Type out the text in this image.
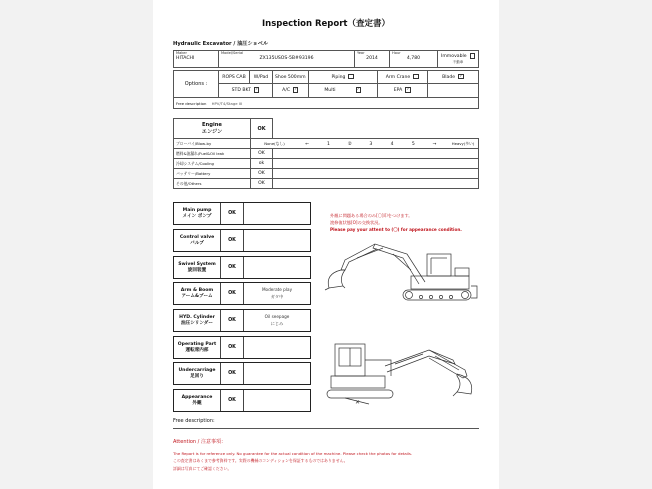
Inspection Report（査定書）
Hydraulic Excavator / 油圧ショベル
Maker
HITACHI

Model/Serial
ZX135USOS-5B#93196

Year
2014

Hour
4,780	Immovable
不動車
Options :	ROPS CAB	W/Pad	Shoe 500mm	Piping	Arm Crane	Blade ✓
	STD BKT ✓		A/C ✓	Multi ✓	EPA ✓	
Free description HPV/T4/Stage III						
Engine
エンジン	OK	
ブローバイ/Blow-by	None(なし) ← 1 ② 3 4 5 → Heavy(多い)	
燃料&油漏れ/Fuel&Oil leak	OK	
冷却システム/Cooling	ok	
バッテリー/Battery	OK	
その他/Others	OK	
Main pump
メイン ポンプ	OK
Control valve
バルブ	OK
Swivel System
旋回装置	OK
Arm & Boom
アーム&ブーム	OK
Moderate play
ガタ中
HYD. Cylinder
油圧シリンダー	OK
Oil seepage
にじみ
Operating Part
運転席内部	OK
Undercarriage
足回り	OK
Appearance
外観	OK
外観に問題ある場合のみ[〇]印をつけます。
渡修復状態[O]の交換状況。
Please pay your attent to (〇) for appearance condition.
✕
Free description:
Attention / 注意事項：
The Report is for reference only. No guarantee for the actual condition of the machine. Please check the photos for details.
この査定書はあくまで参考資料です。実際の機械のコンディションを保証するものではありません。
詳細は写真にてご確認ください。
